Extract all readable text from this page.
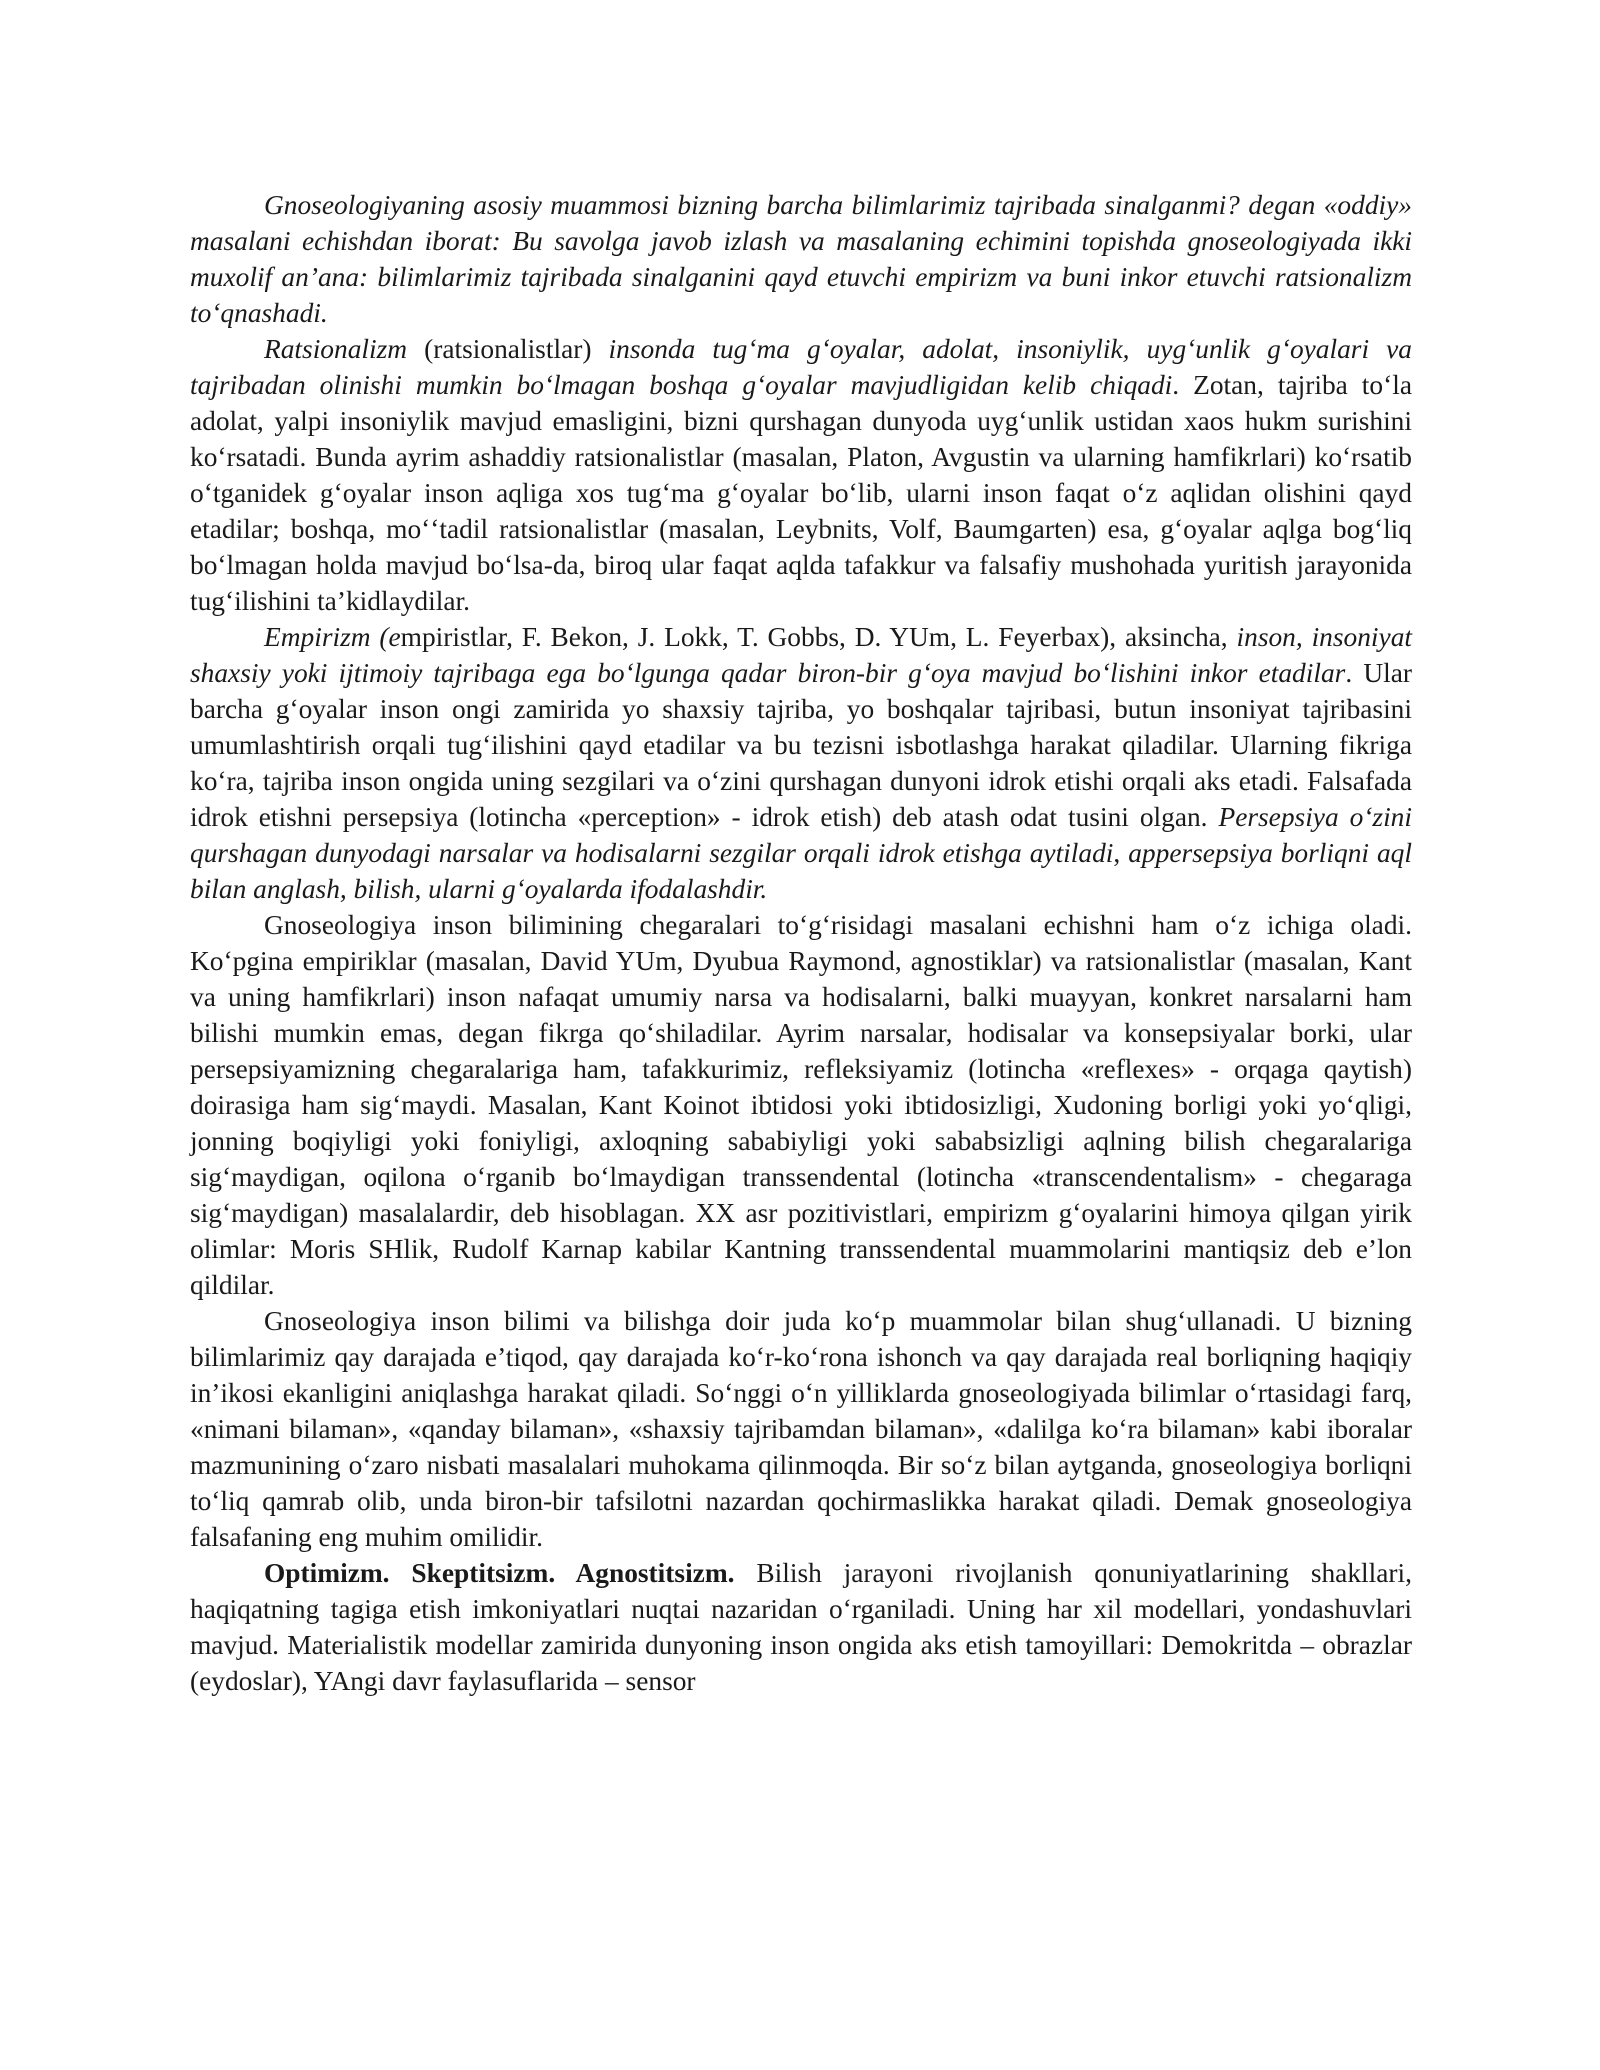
Gnoseologiyaning asosiy muammosi bizning barcha bilimlarimiz tajribada sinalganmi? degan «oddiy» masalani echishdan iborat: Bu savolga javob izlash va masalaning echimini topishda gnoseologiyada ikki muxolif an’ana: bilimlarimiz tajribada sinalganini qayd etuvchi empirizm va buni inkor etuvchi ratsionalizm toʻqnashadi.

Ratsionalizm (ratsionalistlar) insonda tugʻma gʻoyalar, adolat, insoniylik, uygʻunlik gʻoyalari va tajribadan olinishi mumkin boʻlmagan boshqa gʻoyalar mavjudligidan kelib chiqadi. Zotan, tajriba toʻla adolat, yalpi insoniylik mavjud emasligini, bizni qurshagan dunyoda uygʻunlik ustidan xaos hukm surishini koʻrsatadi. Bunda ayrim ashaddiy ratsionalistlar (masalan, Platon, Avgustin va ularning hamfikrlari) koʻrsatib oʻtganidek gʻoyalar inson aqliga xos tugʻma gʻoyalar boʻlib, ularni inson faqat oʻz aqlidan olishini qayd etadilar; boshqa, moʻʻtadil ratsionalistlar (masalan, Leybnits, Volf, Baumgarten) esa, gʻoyalar aqlga bogʻliq boʻlmagan holda mavjud boʻlsa-da, biroq ular faqat aqlda tafakkur va falsafiy mushohada yuritish jarayonida tugʻilishini ta’kidlaydilar.

Empirizm (empiristlar, F. Bekon, J. Lokk, T. Gobbs, D. YUm, L. Feyerbax), aksincha, inson, insoniyat shaxsiy yoki ijtimoiy tajribaga ega boʻlgunga qadar biron-bir gʻoya mavjud boʻlishini inkor etadilar. Ular barcha gʻoyalar inson ongi zamirida yo shaxsiy tajriba, yo boshqalar tajribasi, butun insoniyat tajribasini umumlashtirish orqali tugʻilishini qayd etadilar va bu tezisni isbotlashga harakat qiladilar. Ularning fikriga koʻra, tajriba inson ongida uning sezgilari va oʻzini qurshagan dunyoni idrok etishi orqali aks etadi. Falsafada idrok etishni persepsiya (lotincha «perception» - idrok etish) deb atash odat tusini olgan. Persepsiya oʻzini qurshagan dunyodagi narsalar va hodisalarni sezgilar orqali idrok etishga aytiladi, appersepsiya borliqni aql bilan anglash, bilish, ularni gʻoyalarda ifodalashdir.

Gnoseologiya inson bilimining chegaralari toʻgʻrisidagi masalani echishni ham oʻz ichiga oladi. Koʻpgina empiriklar (masalan, David YUm, Dyubua Raymond, agnostiklar) va ratsionalistlar (masalan, Kant va uning hamfikrlari) inson nafaqat umumiy narsa va hodisalarni, balki muayyan, konkret narsalarni ham bilishi mumkin emas, degan fikrga qoʻshiladilar. Ayrim narsalar, hodisalar va konsepsiyalar borki, ular persepsiyamizning chegaralariga ham, tafakkurimiz, refleksiyamiz (lotincha «reflexes» - orqaga qaytish) doirasiga ham sigʻmaydi. Masalan, Kant Koinot ibtidosi yoki ibtidosizligi, Xudoning borligi yoki yoʻqligi, jonning boqiyligi yoki foniyligi, axloqning sababiyligi yoki sababsizligi aqlning bilish chegaralariga sigʻmaydigan, oqilona oʻrganib boʻlmaydigan transsendental (lotincha «transcendentalism» - chegaraga sigʻmaydigan) masalalardir, deb hisoblagan. XX asr pozitivistlari, empirizm gʻoyalarini himoya qilgan yirik olimlar: Moris SHlik, Rudolf Karnap kabilar Kantning transsendental muammolarini mantiqsiz deb e’lon qildilar.

Gnoseologiya inson bilimi va bilishga doir juda koʻp muammolar bilan shugʻullanadi. U bizning bilimlarimiz qay darajada e’tiqod, qay darajada koʻr-koʻrona ishonch va qay darajada real borliqning haqiqiy in’ikosi ekanligini aniqlashga harakat qiladi. Soʻnggi oʻn yilliklarda gnoseologiyada bilimlar oʻrtasidagi farq, «nimani bilaman», «qanday bilaman», «shaxsiy tajribamdan bilaman», «dalilga koʻra bilaman» kabi iboralar mazmunining oʻzaro nisbati masalalari muhokama qilinmoqda. Bir soʻz bilan aytganda, gnoseologiya borliqni toʻliq qamrab olib, unda biron-bir tafsilotni nazardan qochirmaslikka harakat qiladi. Demak gnoseologiya falsafaning eng muhim omilidir.

Optimizm. Skeptitsizm. Agnostitsizm. Bilish jarayoni rivojlanish qonuniyatlarining shakllari, haqiqatning tagiga etish imkoniyatlari nuqtai nazaridan oʻrganiladi. Uning har xil modellari, yondashuvlari mavjud. Materialistik modellar zamirida dunyoning inson ongida aks etish tamoyillari: Demokritda – obrazlar (eydoslar), YAngi davr faylasuflarida – sensor
